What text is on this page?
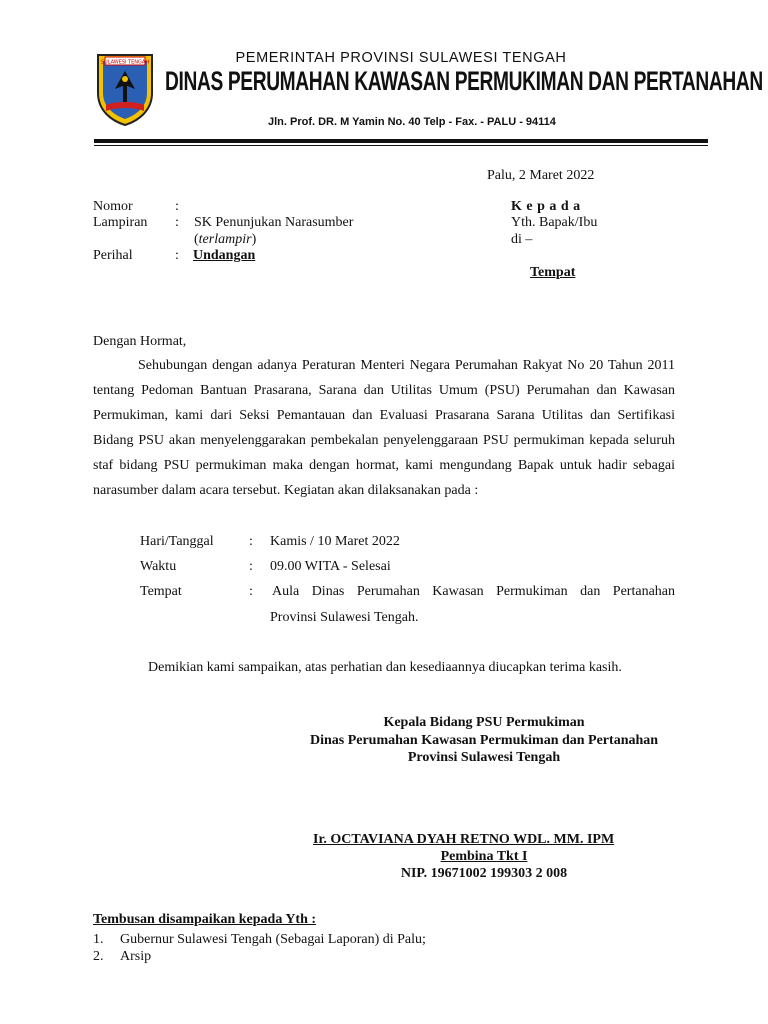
SULAWESI TENGAH	PEMERINTAH PROVINSI SULAWESI TENGAH
DINAS PERUMAHAN KAWASAN PERMUKIMAN DAN PERTANAHAN
Jln. Prof. DR. M Yamin No. 40 Telp - Fax. - PALU - 94114
Palu, 2 Maret 2022
Nomor	:
Lampiran : SK Penunjukan Narasumber
(terlampir)
Perihal	: Undangan
K e p a d a
Yth. Bapak/Ibu
di –
Tempat
Dengan Hormat,
Sehubungan dengan adanya Peraturan Menteri Negara Perumahan Rakyat No 20 Tahun 2011 tentang Pedoman Bantuan Prasarana, Sarana dan Utilitas Umum (PSU) Perumahan dan Kawasan Permukiman, kami dari Seksi Pemantauan dan Evaluasi Prasarana Sarana Utilitas dan Sertifikasi Bidang PSU akan menyelenggarakan pembekalan penyelenggaraan PSU permukiman kepada seluruh staf bidang PSU permukiman maka dengan hormat, kami mengundang Bapak untuk hadir sebagai narasumber dalam acara tersebut. Kegiatan akan dilaksanakan pada :
Hari/Tanggal	: Kamis / 10 Maret 2022
Waktu	: 09.00 WITA - Selesai
Tempat	: Aula Dinas Perumahan Kawasan Permukiman dan Pertanahan
Provinsi Sulawesi Tengah.
Demikian kami sampaikan, atas perhatian dan kesediaannya diucapkan terima kasih.
Kepala Bidang PSU Permukiman
Dinas Perumahan Kawasan Permukiman dan Pertanahan
Provinsi Sulawesi Tengah
Ir. OCTAVIANA DYAH RETNO WDL. MM. IPM
Pembina Tkt I
NIP. 19671002 199303 2 008
Tembusan disampaikan kepada Yth :
1. Gubernur Sulawesi Tengah (Sebagai Laporan) di Palu;
2. Arsip
